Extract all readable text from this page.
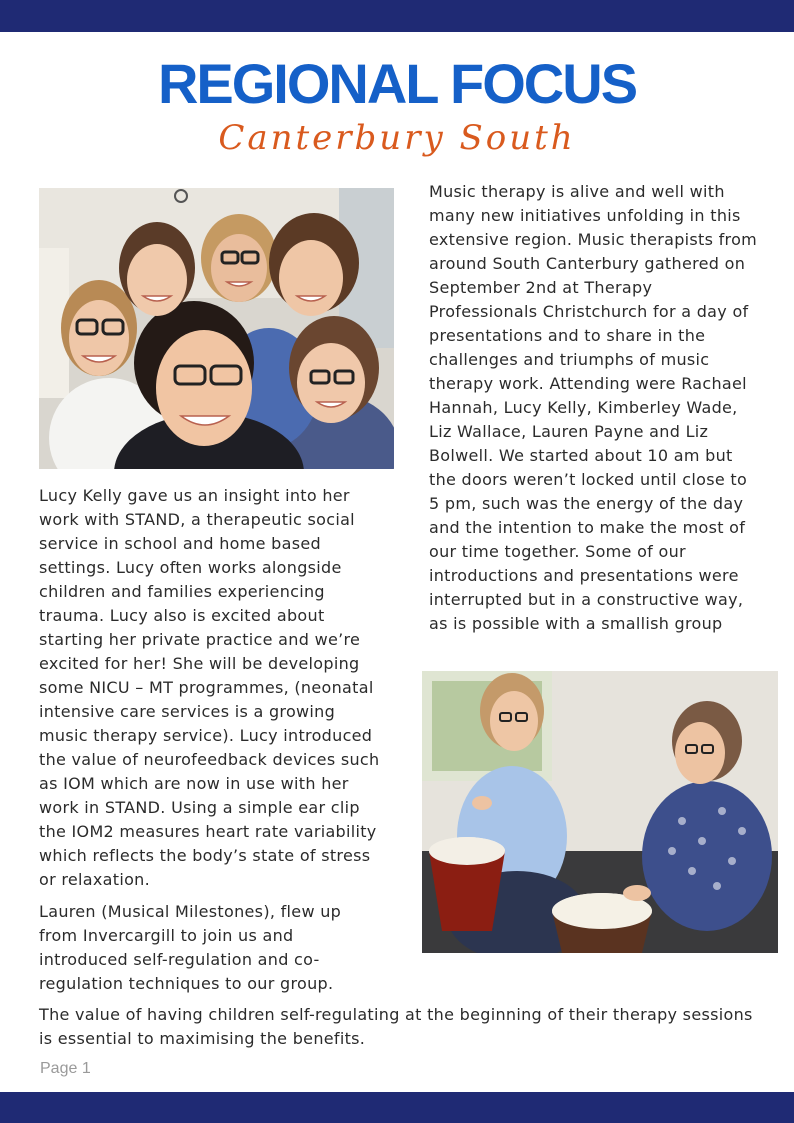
REGIONAL FOCUS
Canterbury South

Music therapy is alive and well with many new initiatives unfolding in this extensive region. Music therapists from around South Canterbury gathered on September 2nd at Therapy Professionals Christchurch for a day of presentations and to share in the challenges and triumphs of music therapy work. Attending were Rachael Hannah, Lucy Kelly, Kimberley Wade, Liz Wallace, Lauren Payne and Liz Bolwell. We started about 10 am but the doors weren’t locked until close to 5 pm, such was the energy of the day and the intention to make the most of our time together. Some of our introductions and presentations were interrupted but in a constructive way, as is possible with a smallish group

Lucy Kelly gave us an insight into her work with STAND, a therapeutic social service in school and home based settings. Lucy often works alongside children and families experiencing trauma. Lucy also is excited about starting her private practice and we’re excited for her! She will be developing some NICU – MT programmes, (neonatal intensive care services is a growing music therapy service). Lucy introduced the value of neurofeedback devices such as IOM which are now in use with her work in STAND. Using a simple ear clip the IOM2 measures heart rate variability which reflects the body’s state of stress or relaxation.

Lauren (Musical Milestones), flew up from Invercargill to join us and introduced self-regulation and co-regulation techniques to our group.

The value of having children self-regulating at the beginning of their therapy sessions is essential to maximising the benefits.

Page 1
